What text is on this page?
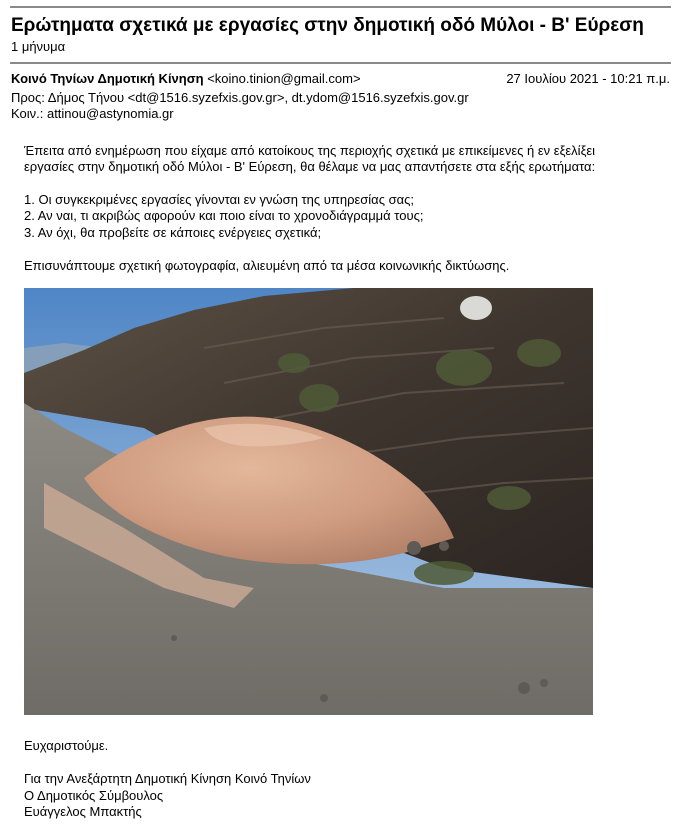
Ερώτηματα σχετικά με εργασίες στην δημοτική οδό Μύλοι - Β' Εύρεση
1 μήνυμα
Κοινό Τηνίων Δημοτική Κίνηση <koino.tinion@gmail.com>	27 Ιουλίου 2021 - 10:21 π.μ.
Προς: Δήμος Τήνου <dt@1516.syzefxis.gov.gr>, dt.ydom@1516.syzefxis.gov.gr
Κοιν.: attinou@astynomia.gr
Έπειτα από ενημέρωση που είχαμε από κατοίκους της περιοχής σχετικά με επικείμενες ή εν εξελίξει
εργασίες στην δημοτική οδό Μύλοι - Β' Εύρεση, θα θέλαμε να μας απαντήσετε στα εξής ερωτήματα:
1. Οι συγκεκριμένες εργασίες γίνονται εν γνώση της υπηρεσίας σας;
2. Αν ναι, τι ακριβώς αφορούν και ποιο είναι το χρονοδιάγραμμά τους;
3. Αν όχι, θα προβείτε σε κάποιες ενέργειες σχετικά;
Επισυνάπτουμε σχετική φωτογραφία, αλιευμένη από τα μέσα κοινωνικής δικτύωσης.
Ευχαριστούμε.
Για την Ανεξάρτητη Δημοτική Κίνηση Κοινό Τηνίων
Ο Δημοτικός Σύμβουλος
Ευάγγελος Μπακτής
